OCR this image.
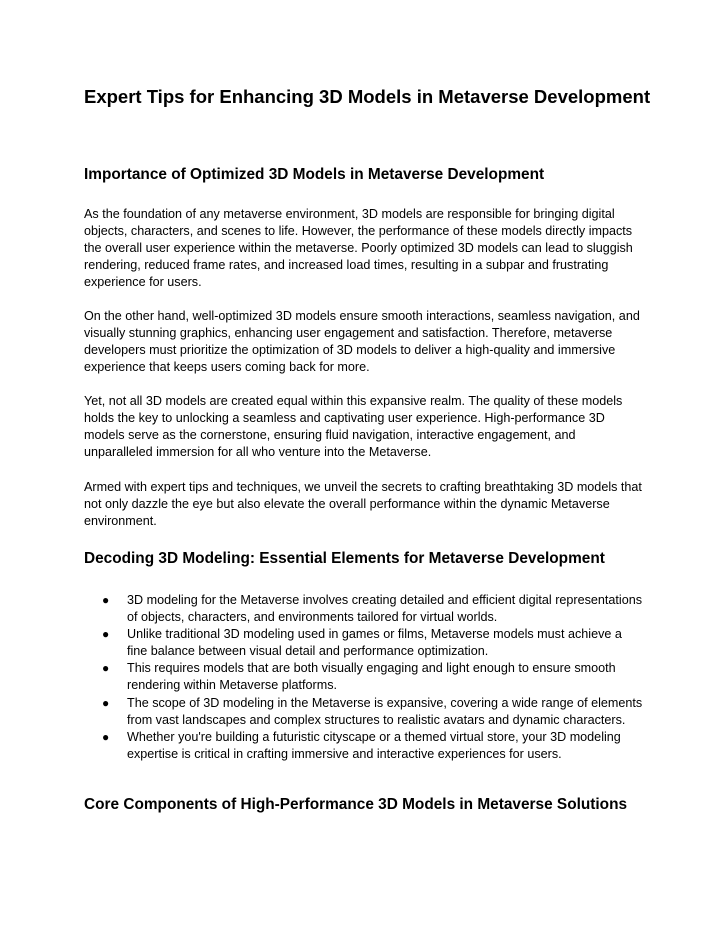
Expert Tips for Enhancing 3D Models in Metaverse Development
Importance of Optimized 3D Models in Metaverse Development

As the foundation of any metaverse environment, 3D models are responsible for bringing digital objects, characters, and scenes to life. However, the performance of these models directly impacts the overall user experience within the metaverse. Poorly optimized 3D models can lead to sluggish rendering, reduced frame rates, and increased load times, resulting in a subpar and frustrating experience for users.

On the other hand, well-optimized 3D models ensure smooth interactions, seamless navigation, and visually stunning graphics, enhancing user engagement and satisfaction. Therefore, metaverse developers must prioritize the optimization of 3D models to deliver a high-quality and immersive experience that keeps users coming back for more.

Yet, not all 3D models are created equal within this expansive realm. The quality of these models holds the key to unlocking a seamless and captivating user experience. High-performance 3D models serve as the cornerstone, ensuring fluid navigation, interactive engagement, and unparalleled immersion for all who venture into the Metaverse.

Armed with expert tips and techniques, we unveil the secrets to crafting breathtaking 3D models that not only dazzle the eye but also elevate the overall performance within the dynamic Metaverse environment.

Decoding 3D Modeling: Essential Elements for Metaverse Development
● 3D modeling for the Metaverse involves creating detailed and efficient digital representations of objects, characters, and environments tailored for virtual worlds.
● Unlike traditional 3D modeling used in games or films, Metaverse models must achieve a fine balance between visual detail and performance optimization.
● This requires models that are both visually engaging and light enough to ensure smooth rendering within Metaverse platforms.
● The scope of 3D modeling in the Metaverse is expansive, covering a wide range of elements from vast landscapes and complex structures to realistic avatars and dynamic characters.
● Whether you're building a futuristic cityscape or a themed virtual store, your 3D modeling expertise is critical in crafting immersive and interactive experiences for users.
Core Components of High-Performance 3D Models in Metaverse Solutions
